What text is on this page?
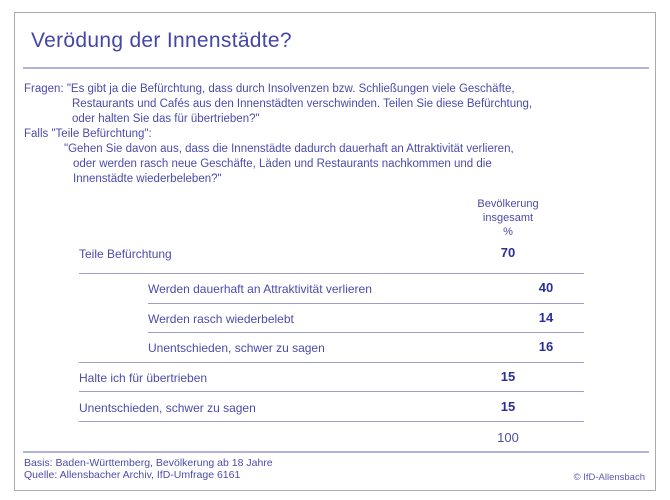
Verödung der Innenstädte?
Fragen: "Es gibt ja die Befürchtung, dass durch Insolvenzen bzw. Schließungen viele Geschäfte,
Restaurants und Cafés aus den Innenstädten verschwinden. Teilen Sie diese Befürchtung,
oder halten Sie das für übertrieben?"
Falls "Teile Befürchtung":
"Gehen Sie davon aus, dass die Innenstädte dadurch dauerhaft an Attraktivität verlieren,
oder werden rasch neue Geschäfte, Läden und Restaurants nachkommen und die
Innenstädte wiederbeleben?"
Bevölkerung
insgesamt
%
Teile Befürchtung	70
Werden dauerhaft an Attraktivität verlieren	40
Werden rasch wiederbelebt	14
Unentschieden, schwer zu sagen	16
Halte ich für übertrieben	15
Unentschieden, schwer zu sagen	15
100
Basis: Baden-Württemberg, Bevölkerung ab 18 Jahre
Quelle: Allensbacher Archiv, IfD-Umfrage 6161	© IfD-Allensbach
